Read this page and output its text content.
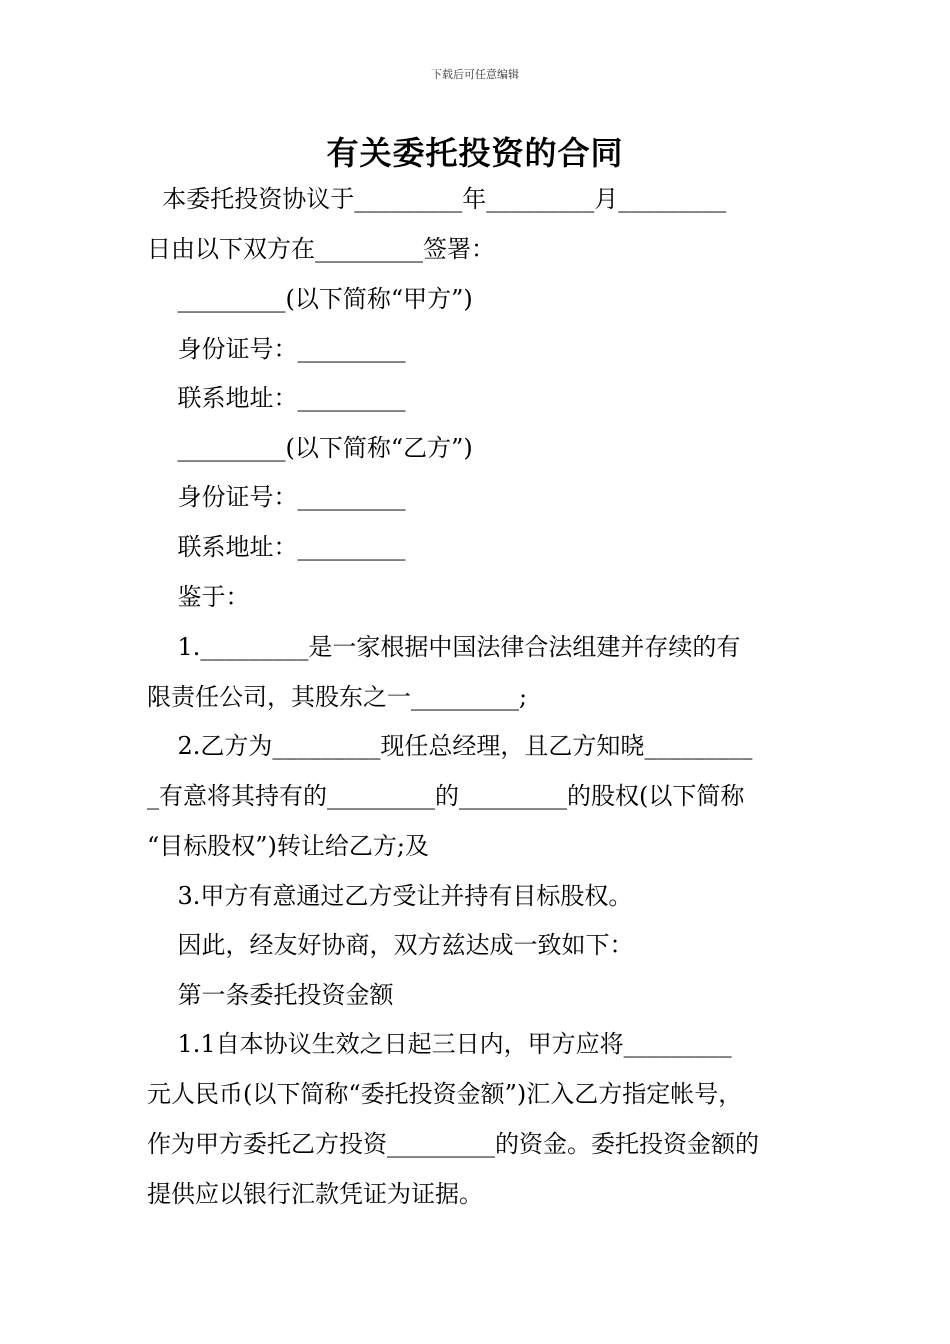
下载后可任意编辑
有关委托投资的合同
本委托投资协议于_________年_________月_________
日由以下双方在_________签署：
_________(以下简称“甲方”)
身份证号：_________
联系地址：_________
_________(以下简称“乙方”)
身份证号：_________
联系地址：_________
鉴于：
1._________是一家根据中国法律合法组建并存续的有
限责任公司，其股东之一_________;
2.乙方为_________现任总经理，且乙方知晓_________
_有意将其持有的_________的_________的股权(以下简称
“目标股权”)转让给乙方;及
3.甲方有意通过乙方受让并持有目标股权。
因此，经友好协商，双方兹达成一致如下：
第一条委托投资金额
1.1自本协议生效之日起三日内，甲方应将_________
元人民币(以下简称“委托投资金额”)汇入乙方指定帐号，
作为甲方委托乙方投资_________的资金。委托投资金额的
提供应以银行汇款凭证为证据。
